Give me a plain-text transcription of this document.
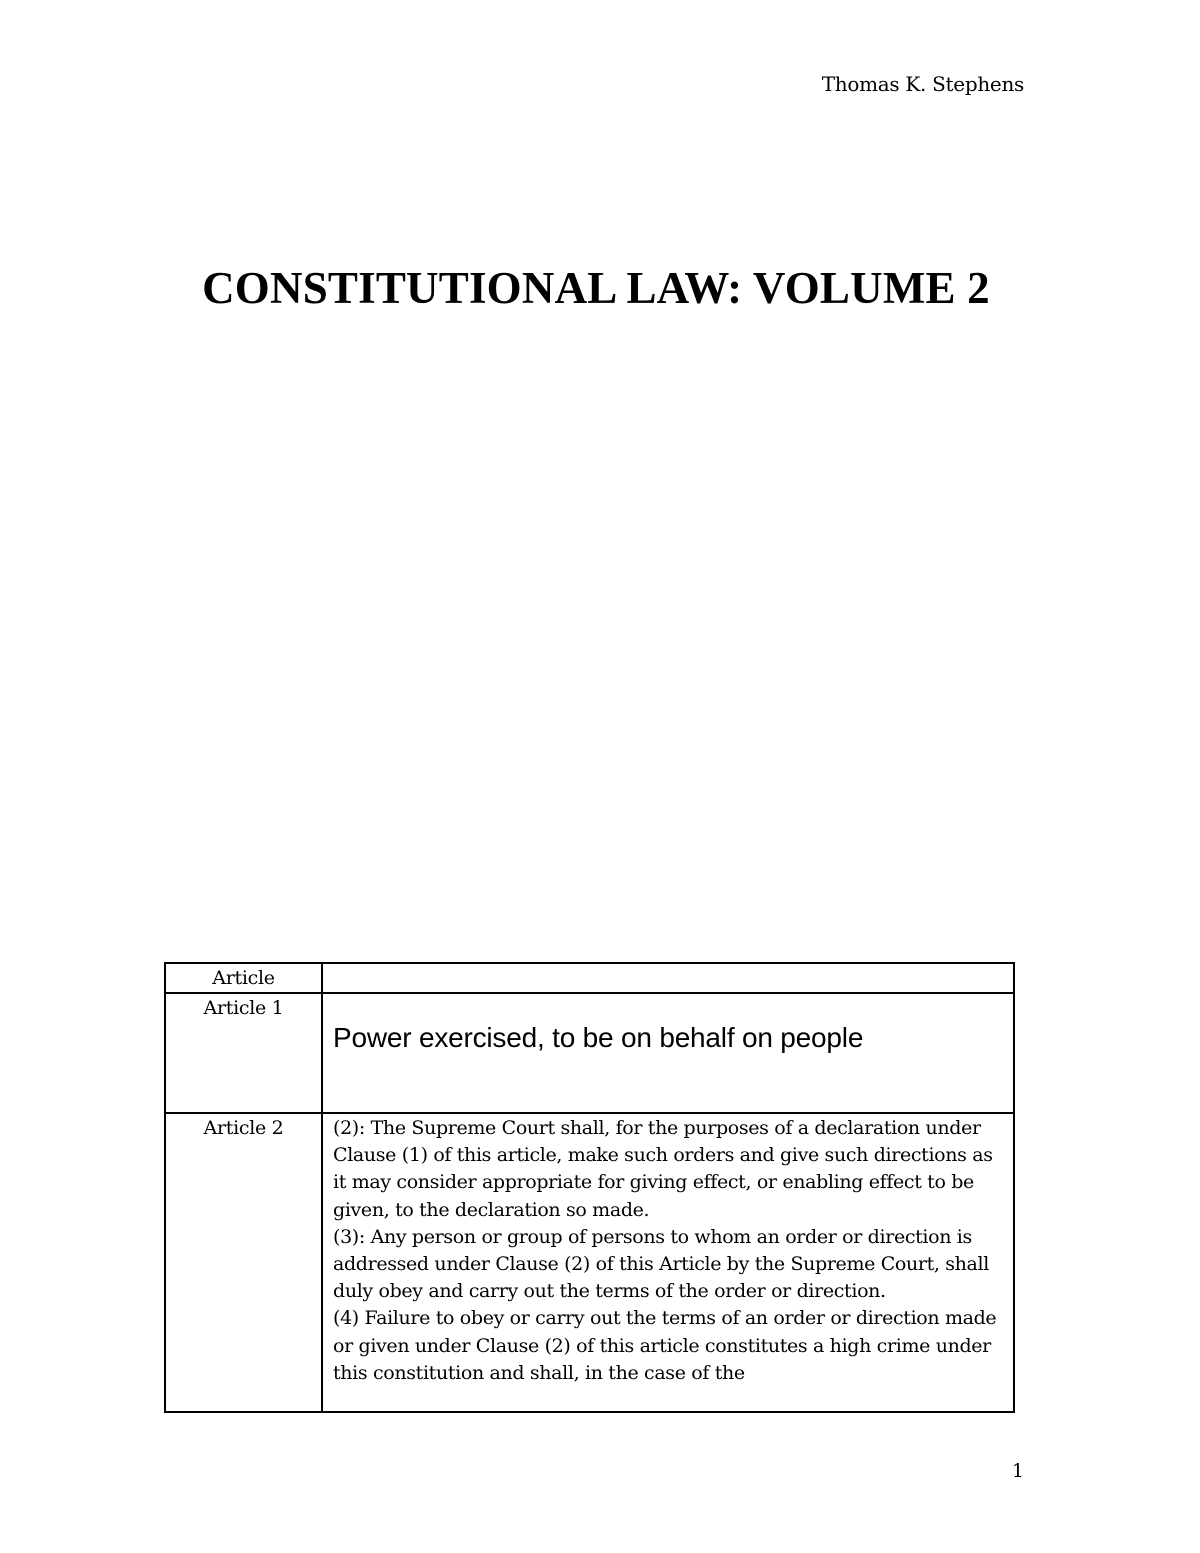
Thomas K. Stephens
CONSTITUTIONAL LAW: VOLUME 2
Article	
Article 1	Power exercised, to be on behalf on people

Article 2	(2): The Supreme Court shall, for the purposes of a declaration under Clause (1) of this article, make such orders and give such directions as it may consider appropriate for giving effect, or enabling effect to be given, to the declaration so made.
(3): Any person or group of persons to whom an order or direction is addressed under Clause (2) of this Article by the Supreme Court, shall duly obey and carry out the terms of the order or direction.
(4) Failure to obey or carry out the terms of an order or direction made or given under Clause (2) of this article constitutes a high crime under this constitution and shall, in the case of the
1
